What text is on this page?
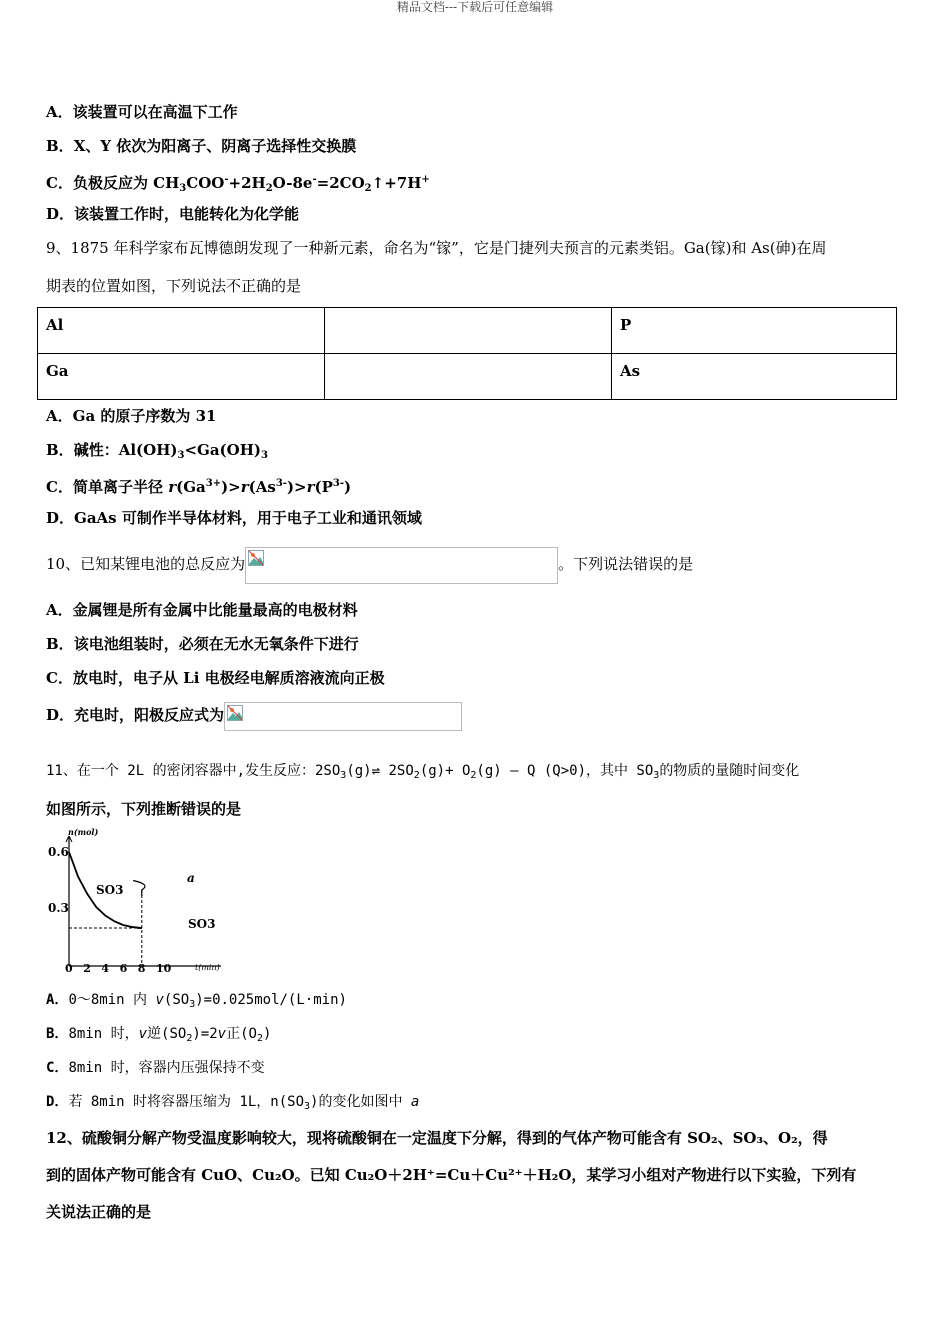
精品文档---下载后可任意编辑
A．该装置可以在高温下工作
B．X、Y 依次为阳离子、阴离子选择性交换膜
C．负极反应为 $CH_3COO^-+2H_2O-8e^-=2CO_2↑+7H^+$
D．该装置工作时，电能转化为化学能
9、1875 年科学家布瓦博德朗发现了一种新元素，命名为“镓”，它是门捷列夫预言的元素类铝。Ga(镓)和 As(砷)在周
期表的位置如图，下列说法不正确的是
Al		P
Ga		As
A．Ga 的原子序数为 31
B．碱性：$Al(OH)_3<Ga(OH)_3$
C．简单离子半径 $r(Ga^{3+})>r(As^{3-})>r(P^{3-})$
D．GaAs 可制作半导体材料，用于电子工业和通讯领域
10、已知某锂电池的总反应为	。下列说法错误的是
A．金属锂是所有金属中比能量最高的电极材料
B．该电池组装时，必须在无水无氧条件下进行
C．放电时，电子从 Li 电极经电解质溶液流向正极
D．充电时，阳极反应式为
11、在一个 2L 的密闭容器中,发生反应：$2SO_3(g)\rightleftharpoons$ $2SO_2(g)+ O_2(g)$ — Q (Q>0)，其中 $SO_3$的物质的量随时间变化
如图所示，下列推断错误的是
n(mol)
t(min)
0.6
0.3
0 2 4 6 8 10
SO3
SO3
a
A．0～8min 内 $v(SO_3)=0.025mol/(L\cdot\min)$
B．8min 时，v逆$(SO_2)=2v$正$(O_2)$
C．8min 时，容器内压强保持不变
D．若 8min 时将容器压缩为 1L，$n(SO_3)$的变化如图中 a
12、硫酸铜分解产物受温度影响较大，现将硫酸铜在一定温度下分解，得到的气体产物可能含有 SO₂、SO₃、O₂，得
到的固体产物可能含有 CuO、Cu₂O。已知 Cu₂O＋2H⁺=Cu＋Cu²⁺＋H₂O，某学习小组对产物进行以下实验，下列有
关说法正确的是
